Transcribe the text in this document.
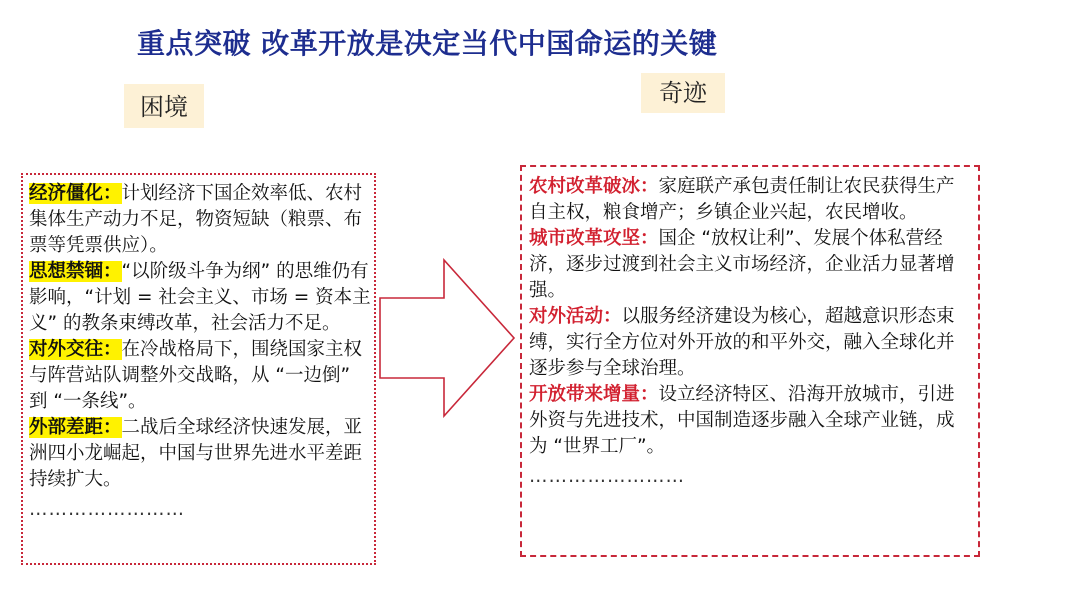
重点突破 改革开放是决定当代中国命运的关键
困境	奇迹

经济僵化：计划经济下国企效率低、农村集体生产动力不足，物资短缺（粮票、布票等凭票供应）。

思想禁锢：“以阶级斗争为纲” 的思维仍有影响，“计划 = 社会主义、市场 = 资本主义” 的教条束缚改革，社会活力不足。

对外交往：在冷战格局下，围绕国家主权与阵营站队调整外交战略，从 “一边倒” 到 “一条线”。

外部差距：二战后全球经济快速发展，亚洲四小龙崛起，中国与世界先进水平差距持续扩大。

……………………

农村改革破冰：家庭联产承包责任制让农民获得生产自主权，粮食增产；乡镇企业兴起，农民增收。

城市改革攻坚：国企 “放权让利”、发展个体私营经济，逐步过渡到社会主义市场经济，企业活力显著增强。

对外活动：以服务经济建设为核心，超越意识形态束缚，实行全方位对外开放的和平外交，融入全球化并逐步参与全球治理。

开放带来增量：设立经济特区、沿海开放城市，引进外资与先进技术，中国制造逐步融入全球产业链，成为 “世界工厂”。

……………………
